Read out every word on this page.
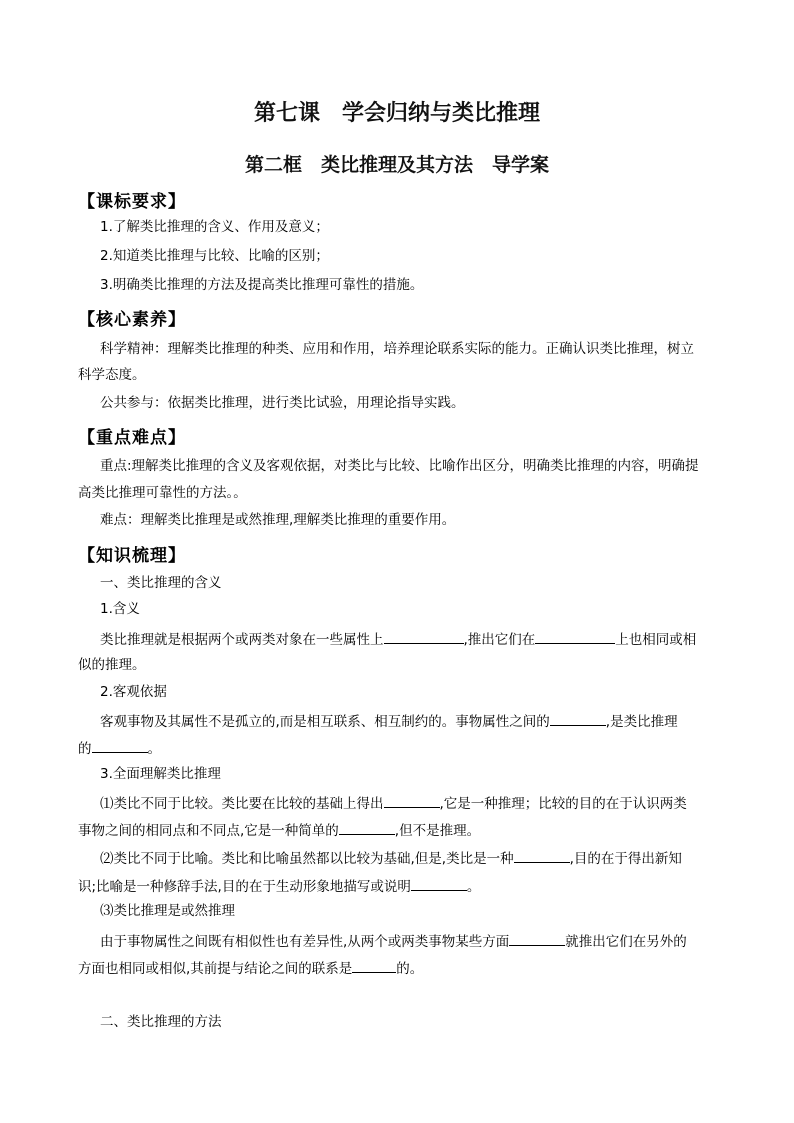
第七课　学会归纳与类比推理
第二框　类比推理及其方法　导学案
【课标要求】
1.了解类比推理的含义、作用及意义；
2.知道类比推理与比较、比喻的区别；
3.明确类比推理的方法及提高类比推理可靠性的措施。
【核心素养】
科学精神：理解类比推理的种类、应用和作用，培养理论联系实际的能力。正确认识类比推理，树立
科学态度。
公共参与：依据类比推理，进行类比试验，用理论指导实践。
【重点难点】
重点:理解类比推理的含义及客观依据，对类比与比较、比喻作出区分，明确类比推理的内容，明确提
高类比推理可靠性的方法。。
难点：理解类比推理是或然推理,理解类比推理的重要作用。
【知识梳理】
一、类比推理的含义
1.含义
类比推理就是根据两个或两类对象在一些属性上	,推出它们在	上也相同或相
似的推理。
2.客观依据
客观事物及其属性不是孤立的,而是相互联系、相互制约的。事物属性之间的	,是类比推理
的	。
3.全面理解类比推理
⑴类比不同于比较。类比要在比较的基础上得出	,它是一种推理；比较的目的在于认识两类
事物之间的相同点和不同点,它是一种简单的	,但不是推理。
⑵类比不同于比喻。类比和比喻虽然都以比较为基础,但是,类比是一种	,目的在于得出新知
识;比喻是一种修辞手法,目的在于生动形象地描写或说明	。
⑶类比推理是或然推理
由于事物属性之间既有相似性也有差异性,从两个或两类事物某些方面	就推出它们在另外的
方面也相同或相似,其前提与结论之间的联系是	的。
二、类比推理的方法
